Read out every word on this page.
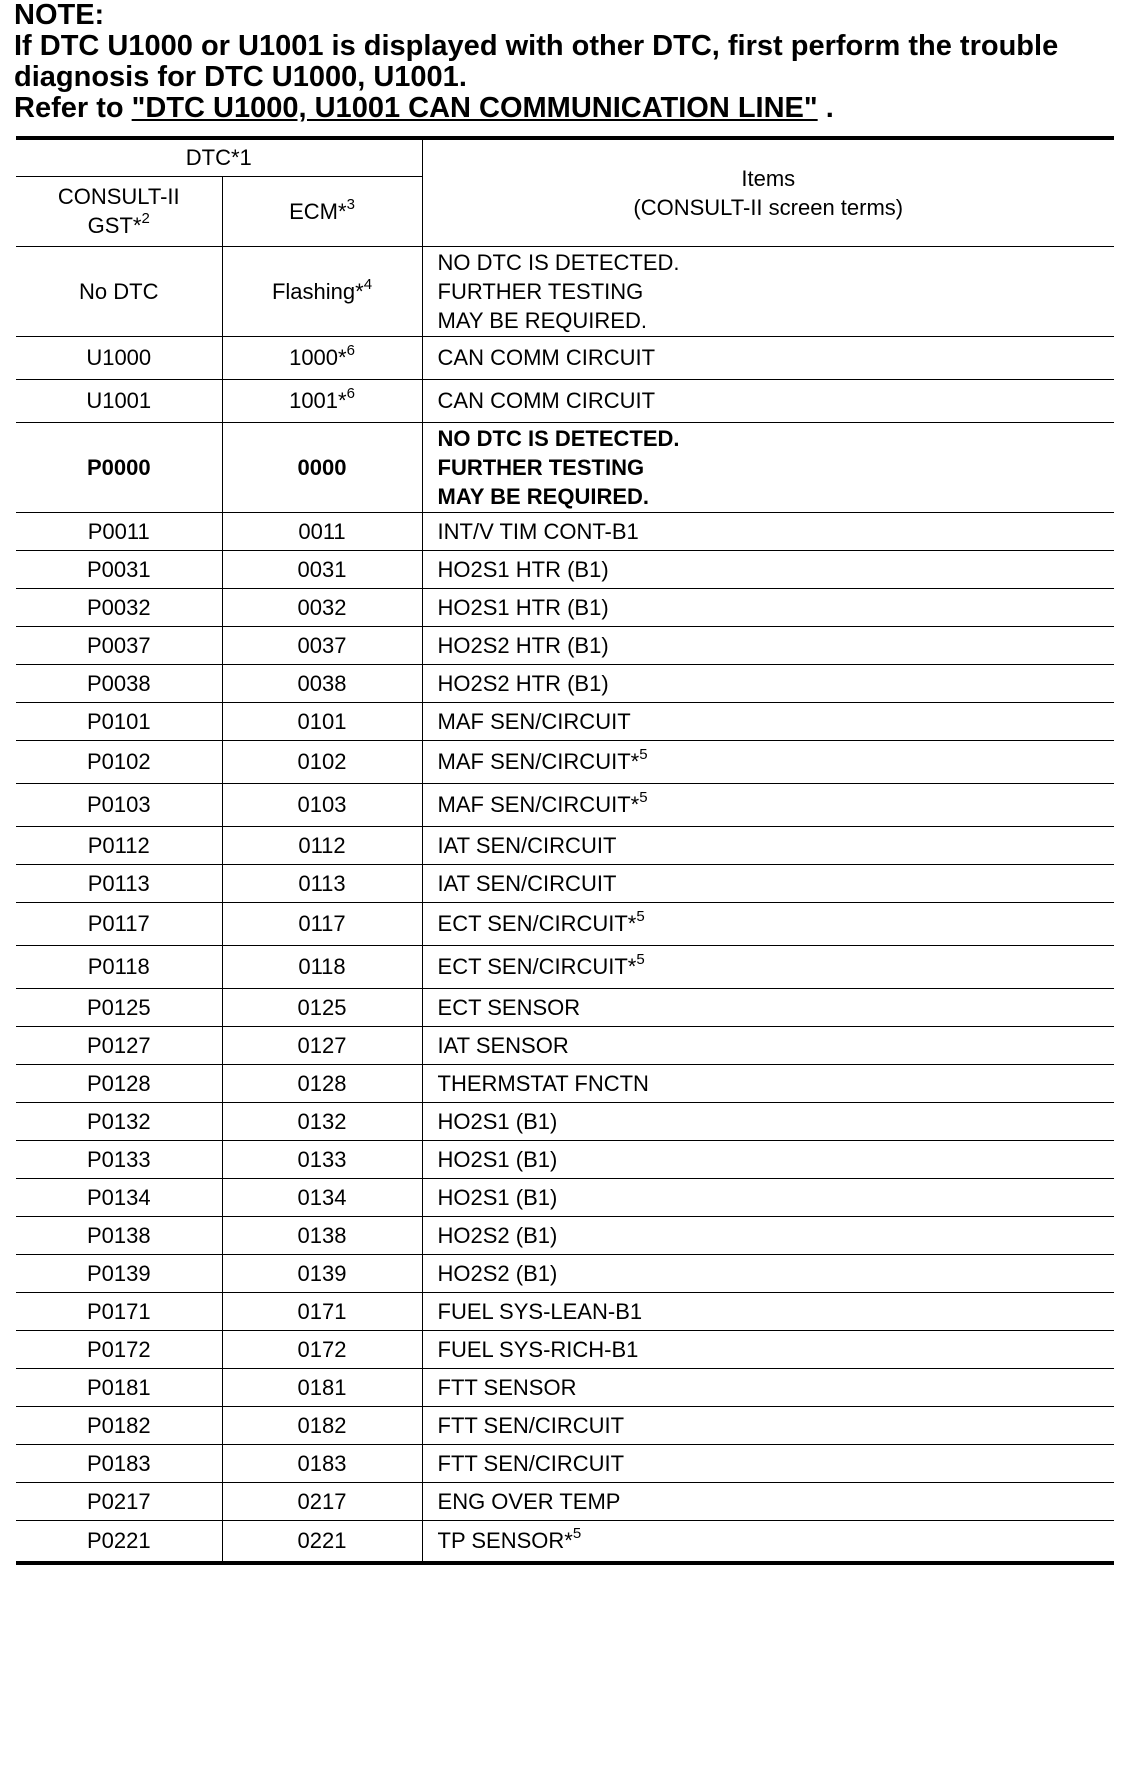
NOTE:
If DTC U1000 or U1001 is displayed with other DTC, first perform the trouble diagnosis for DTC U1000, U1001.
Refer to "DTC U1000, U1001 CAN COMMUNICATION LINE" .
DTC*1		Items
(CONSULT-II screen terms)

CONSULT-II
GST*$^2$	ECM*$^3$
No DTC	Flashing*$^4$	NO DTC IS DETECTED.
FURTHER TESTING
MAY BE REQUIRED.

U1000	1000*$^6$	CAN COMM CIRCUIT

U1001	1001*$^6$	CAN COMM CIRCUIT

P0000	0000	NO DTC IS DETECTED.
FURTHER TESTING
MAY BE REQUIRED.

P0011	0011	INT/V TIM CONT-B1

P0031	0031	HO2S1 HTR (B1)

P0032	0032	HO2S1 HTR (B1)

P0037	0037	HO2S2 HTR (B1)

P0038	0038	HO2S2 HTR (B1)

P0101	0101	MAF SEN/CIRCUIT

P0102	0102	MAF SEN/CIRCUIT*$^5$

P0103	0103	MAF SEN/CIRCUIT*$^5$

P0112	0112	IAT SEN/CIRCUIT

P0113	0113	IAT SEN/CIRCUIT

P0117	0117	ECT SEN/CIRCUIT*$^5$

P0118	0118	ECT SEN/CIRCUIT*$^5$

P0125	0125	ECT SENSOR

P0127	0127	IAT SENSOR

P0128	0128	THERMSTAT FNCTN

P0132	0132	HO2S1 (B1)

P0133	0133	HO2S1 (B1)

P0134	0134	HO2S1 (B1)

P0138	0138	HO2S2 (B1)

P0139	0139	HO2S2 (B1)

P0171	0171	FUEL SYS-LEAN-B1

P0172	0172	FUEL SYS-RICH-B1

P0181	0181	FTT SENSOR

P0182	0182	FTT SEN/CIRCUIT

P0183	0183	FTT SEN/CIRCUIT

P0217	0217	ENG OVER TEMP

P0221	0221	TP SENSOR*$^5$
